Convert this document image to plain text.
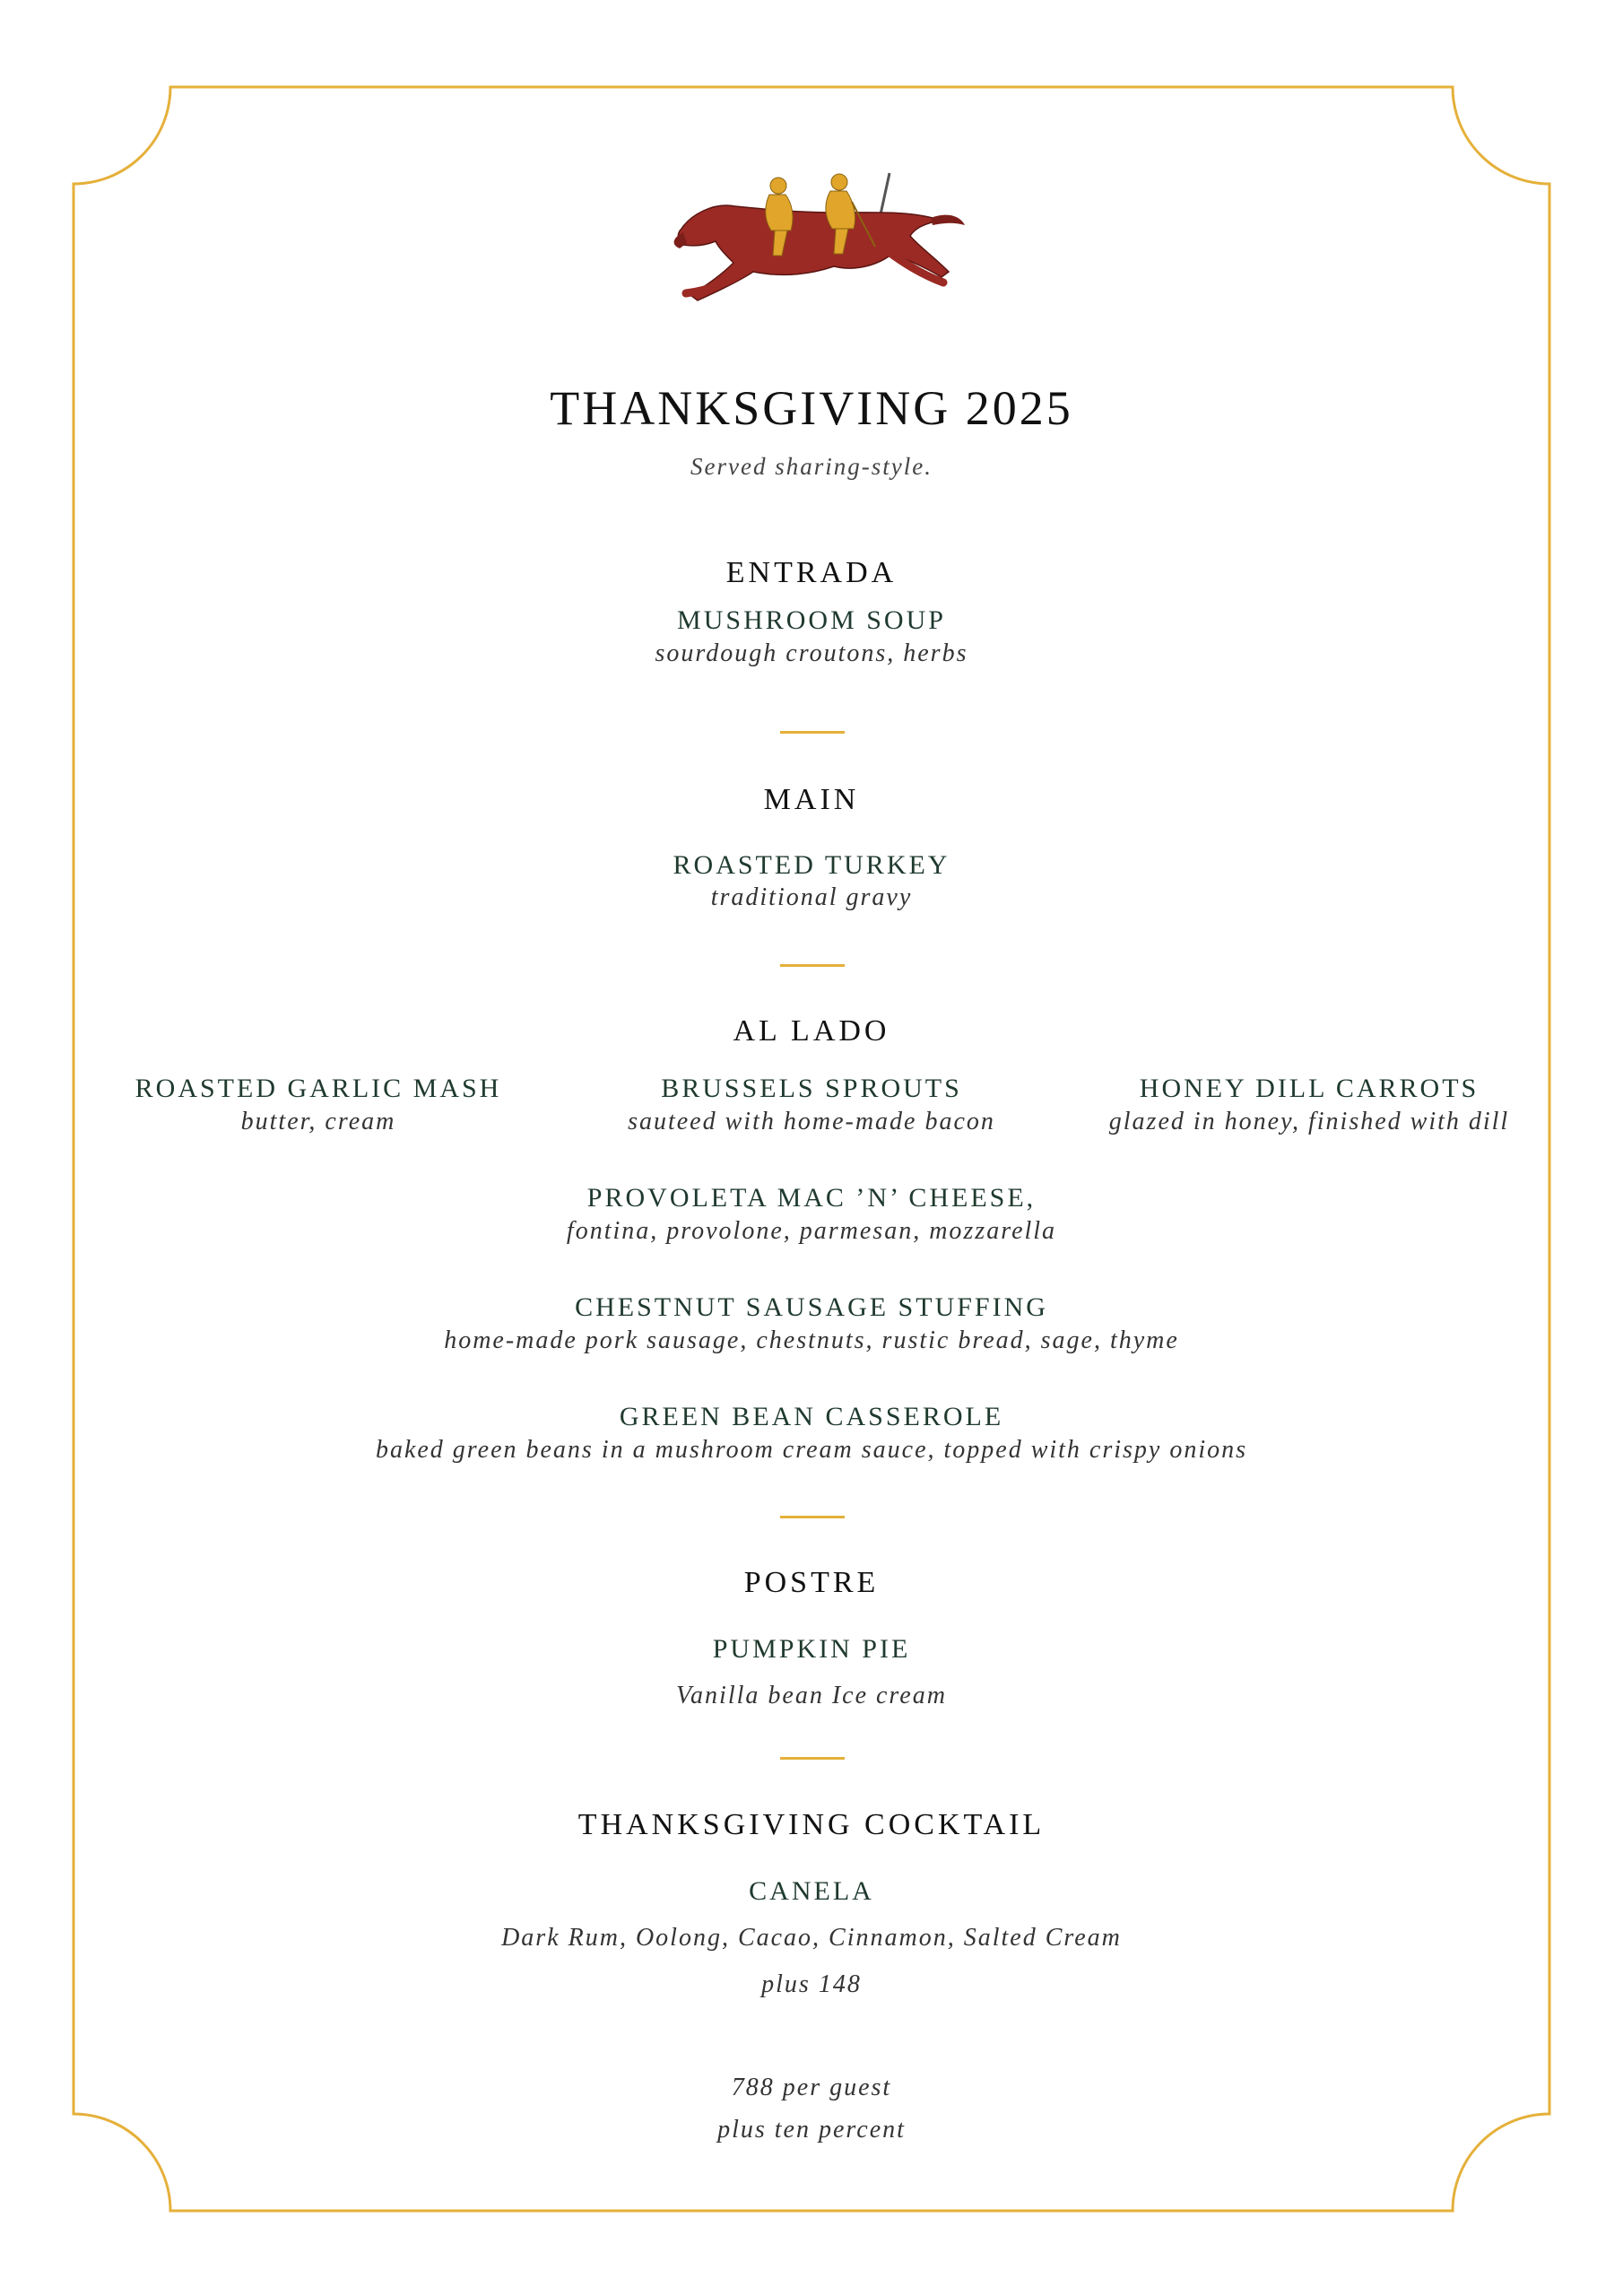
THANKSGIVING 2025
Served sharing-style.
ENTRADA
MUSHROOM SOUP
sourdough croutons, herbs
MAIN
ROASTED TURKEY
traditional gravy
AL LADO
ROASTED GARLIC MASH
butter, cream
BRUSSELS SPROUTS
sauteed with home-made bacon
HONEY DILL CARROTS
glazed in honey, finished with dill
PROVOLETA MAC ’N’ CHEESE,
fontina, provolone, parmesan, mozzarella
CHESTNUT SAUSAGE STUFFING
home-made pork sausage, chestnuts, rustic bread, sage, thyme
GREEN BEAN CASSEROLE
baked green beans in a mushroom cream sauce, topped with crispy onions
POSTRE
PUMPKIN PIE
Vanilla bean Ice cream
THANKSGIVING COCKTAIL
CANELA
Dark Rum, Oolong, Cacao, Cinnamon, Salted Cream
plus 148
788 per guest
plus ten percent
